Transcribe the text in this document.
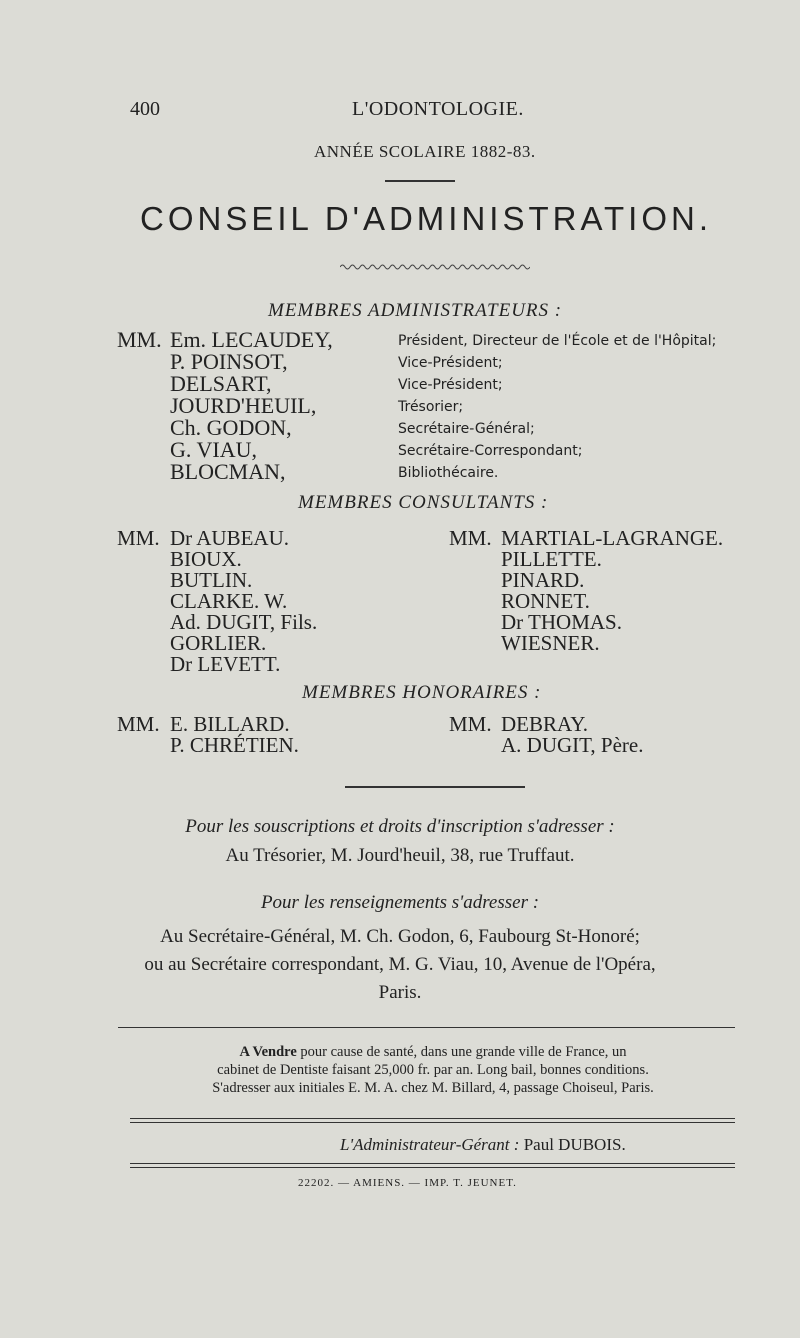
400	L'ODONTOLOGIE.
ANNÉE SCOLAIRE 1882-83.
CONSEIL D'ADMINISTRATION.
MEMBRES ADMINISTRATEURS :
MM. Em. LECAUDEY,
P. POINSOT,
DELSART,
JOURD'HEUIL,
Ch. GODON,
G. VIAU,
BLOCMAN,
Président, Directeur de l'École et de l'Hôpital;
Vice-Président;
Vice-Président;
Trésorier;
Secrétaire-Général;
Secrétaire-Correspondant;
Bibliothécaire.
MEMBRES CONSULTANTS :
MM. Dr AUBEAU.
BIOUX.
BUTLIN.
CLARKE. W.
Ad. DUGIT, Fils.
GORLIER.
Dr LEVETT.
MM. MARTIAL-LAGRANGE.
PILLETTE.
PINARD.
RONNET.
Dr THOMAS.
WIESNER.
MEMBRES HONORAIRES :
MM. E. BILLARD.
P. CHRÉTIEN.
MM. DEBRAY.
A. DUGIT, Père.
Pour les souscriptions et droits d'inscription s'adresser :
Au Trésorier, M. Jourd'heuil, 38, rue Truffaut.
Pour les renseignements s'adresser :
Au Secrétaire-Général, M. Ch. Godon, 6, Faubourg St-Honoré;
ou au Secrétaire correspondant, M. G. Viau, 10, Avenue de l'Opéra,
Paris.
A Vendre pour cause de santé, dans une grande ville de France, un
cabinet de Dentiste faisant 25,000 fr. par an. Long bail, bonnes conditions.
S'adresser aux initiales E. M. A. chez M. Billard, 4, passage Choiseul, Paris.
L'Administrateur-Gérant : Paul DUBOIS.
22202. — AMIENS. — IMP. T. JEUNET.
